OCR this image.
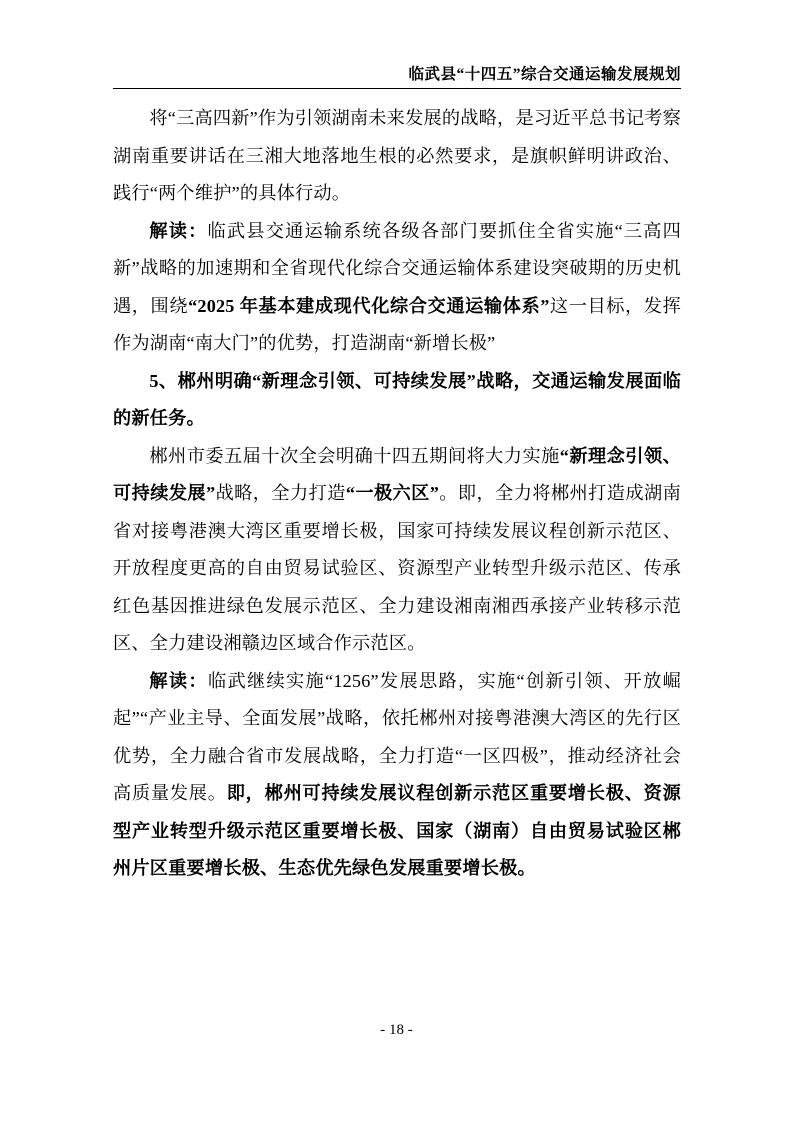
临武县“十四五”综合交通运输发展规划

将“三高四新”作为引领湖南未来发展的战略，是习近平总书记考察湖南重要讲话在三湘大地落地生根的必然要求，是旗帜鲜明讲政治、践行“两个维护”的具体行动。

解读：临武县交通运输系统各级各部门要抓住全省实施“三高四新”战略的加速期和全省现代化综合交通运输体系建设突破期的历史机遇，围绕“2025 年基本建成现代化综合交通运输体系”这一目标，发挥作为湖南“南大门”的优势，打造湖南“新增长极”

5、郴州明确“新理念引领、可持续发展”战略，交通运输发展面临的新任务。

郴州市委五届十次全会明确十四五期间将大力实施“新理念引领、可持续发展”战略，全力打造“一极六区”。即，全力将郴州打造成湖南省对接粤港澳大湾区重要增长极，国家可持续发展议程创新示范区、开放程度更高的自由贸易试验区、资源型产业转型升级示范区、传承红色基因推进绿色发展示范区、全力建设湘南湘西承接产业转移示范区、全力建设湘赣边区域合作示范区。

解读：临武继续实施“1256”发展思路，实施“创新引领、开放崛起”“产业主导、全面发展”战略，依托郴州对接粤港澳大湾区的先行区优势，全力融合省市发展战略，全力打造“一区四极”，推动经济社会高质量发展。即，郴州可持续发展议程创新示范区重要增长极、资源型产业转型升级示范区重要增长极、国家（湖南）自由贸易试验区郴州片区重要增长极、生态优先绿色发展重要增长极。

- 18 -
